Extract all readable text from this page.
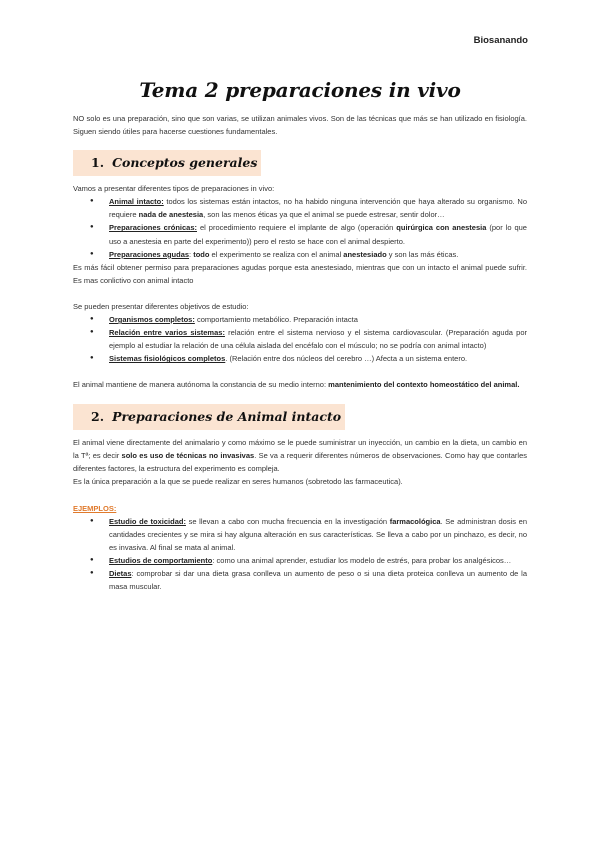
Biosanando
Tema 2 preparaciones in vivo

NO solo es una preparación, sino que son varias, se utilizan animales vivos. Son de las técnicas que más se han utilizado en fisiología. Siguen siendo útiles para hacerse cuestiones fundamentales.

1. Conceptos generales

Vamos a presentar diferentes tipos de preparaciones in vivo:

● Animal intacto: todos los sistemas están intactos, no ha habido ninguna intervención que haya alterado su organismo. No requiere nada de anestesia, son las menos éticas ya que el animal se puede estresar, sentir dolor…
● Preparaciones crónicas: el procedimiento requiere el implante de algo (operación quirúrgica con anestesia (por lo que uso a anestesia en parte del experimento)) pero el resto se hace con el animal despierto.
● Preparaciones agudas: todo el experimento se realiza con el animal anestesiado y son las más éticas.

Es más fácil obtener permiso para preparaciones agudas porque esta anestesiado, mientras que con un intacto el animal puede sufrir. Es mas conlictivo con animal intacto

Se pueden presentar diferentes objetivos de estudio:

● Organismos completos: comportamiento metabólico. Preparación intacta
● Relación entre varios sistemas: relación entre el sistema nervioso y el sistema cardiovascular. (Preparación aguda por ejemplo al estudiar la relación de una célula aislada del encéfalo con el músculo; no se podría con animal intacto)
● Sistemas fisiológicos completos. (Relación entre dos núcleos del cerebro …) Afecta a un sistema entero.

El animal mantiene de manera autónoma la constancia de su medio interno: mantenimiento del contexto homeostático del animal.

2. Preparaciones de Animal intacto

El animal viene directamente del animalario y como máximo se le puede suministrar un inyección, un cambio en la dieta, un cambio en la Tª; es decir solo es uso de técnicas no invasivas. Se va a requerir diferentes números de observaciones. Como hay que contarles diferentes factores, la estructura del experimento es compleja.

Es la única preparación a la que se puede realizar en seres humanos (sobretodo las farmaceutica).

EJEMPLOS:
● Estudio de toxicidad: se llevan a cabo con mucha frecuencia en la investigación farmacológica. Se administran dosis en cantidades crecientes y se mira si hay alguna alteración en sus características. Se lleva a cabo por un pinchazo, es decir, no es invasiva. Al final se mata al animal.
● Estudios de comportamiento: como una animal aprender, estudiar los modelo de estrés, para probar los analgésicos…
● Dietas: comprobar si dar una dieta grasa conlleva un aumento de peso o si una dieta proteica conlleva un aumento de la masa muscular.
